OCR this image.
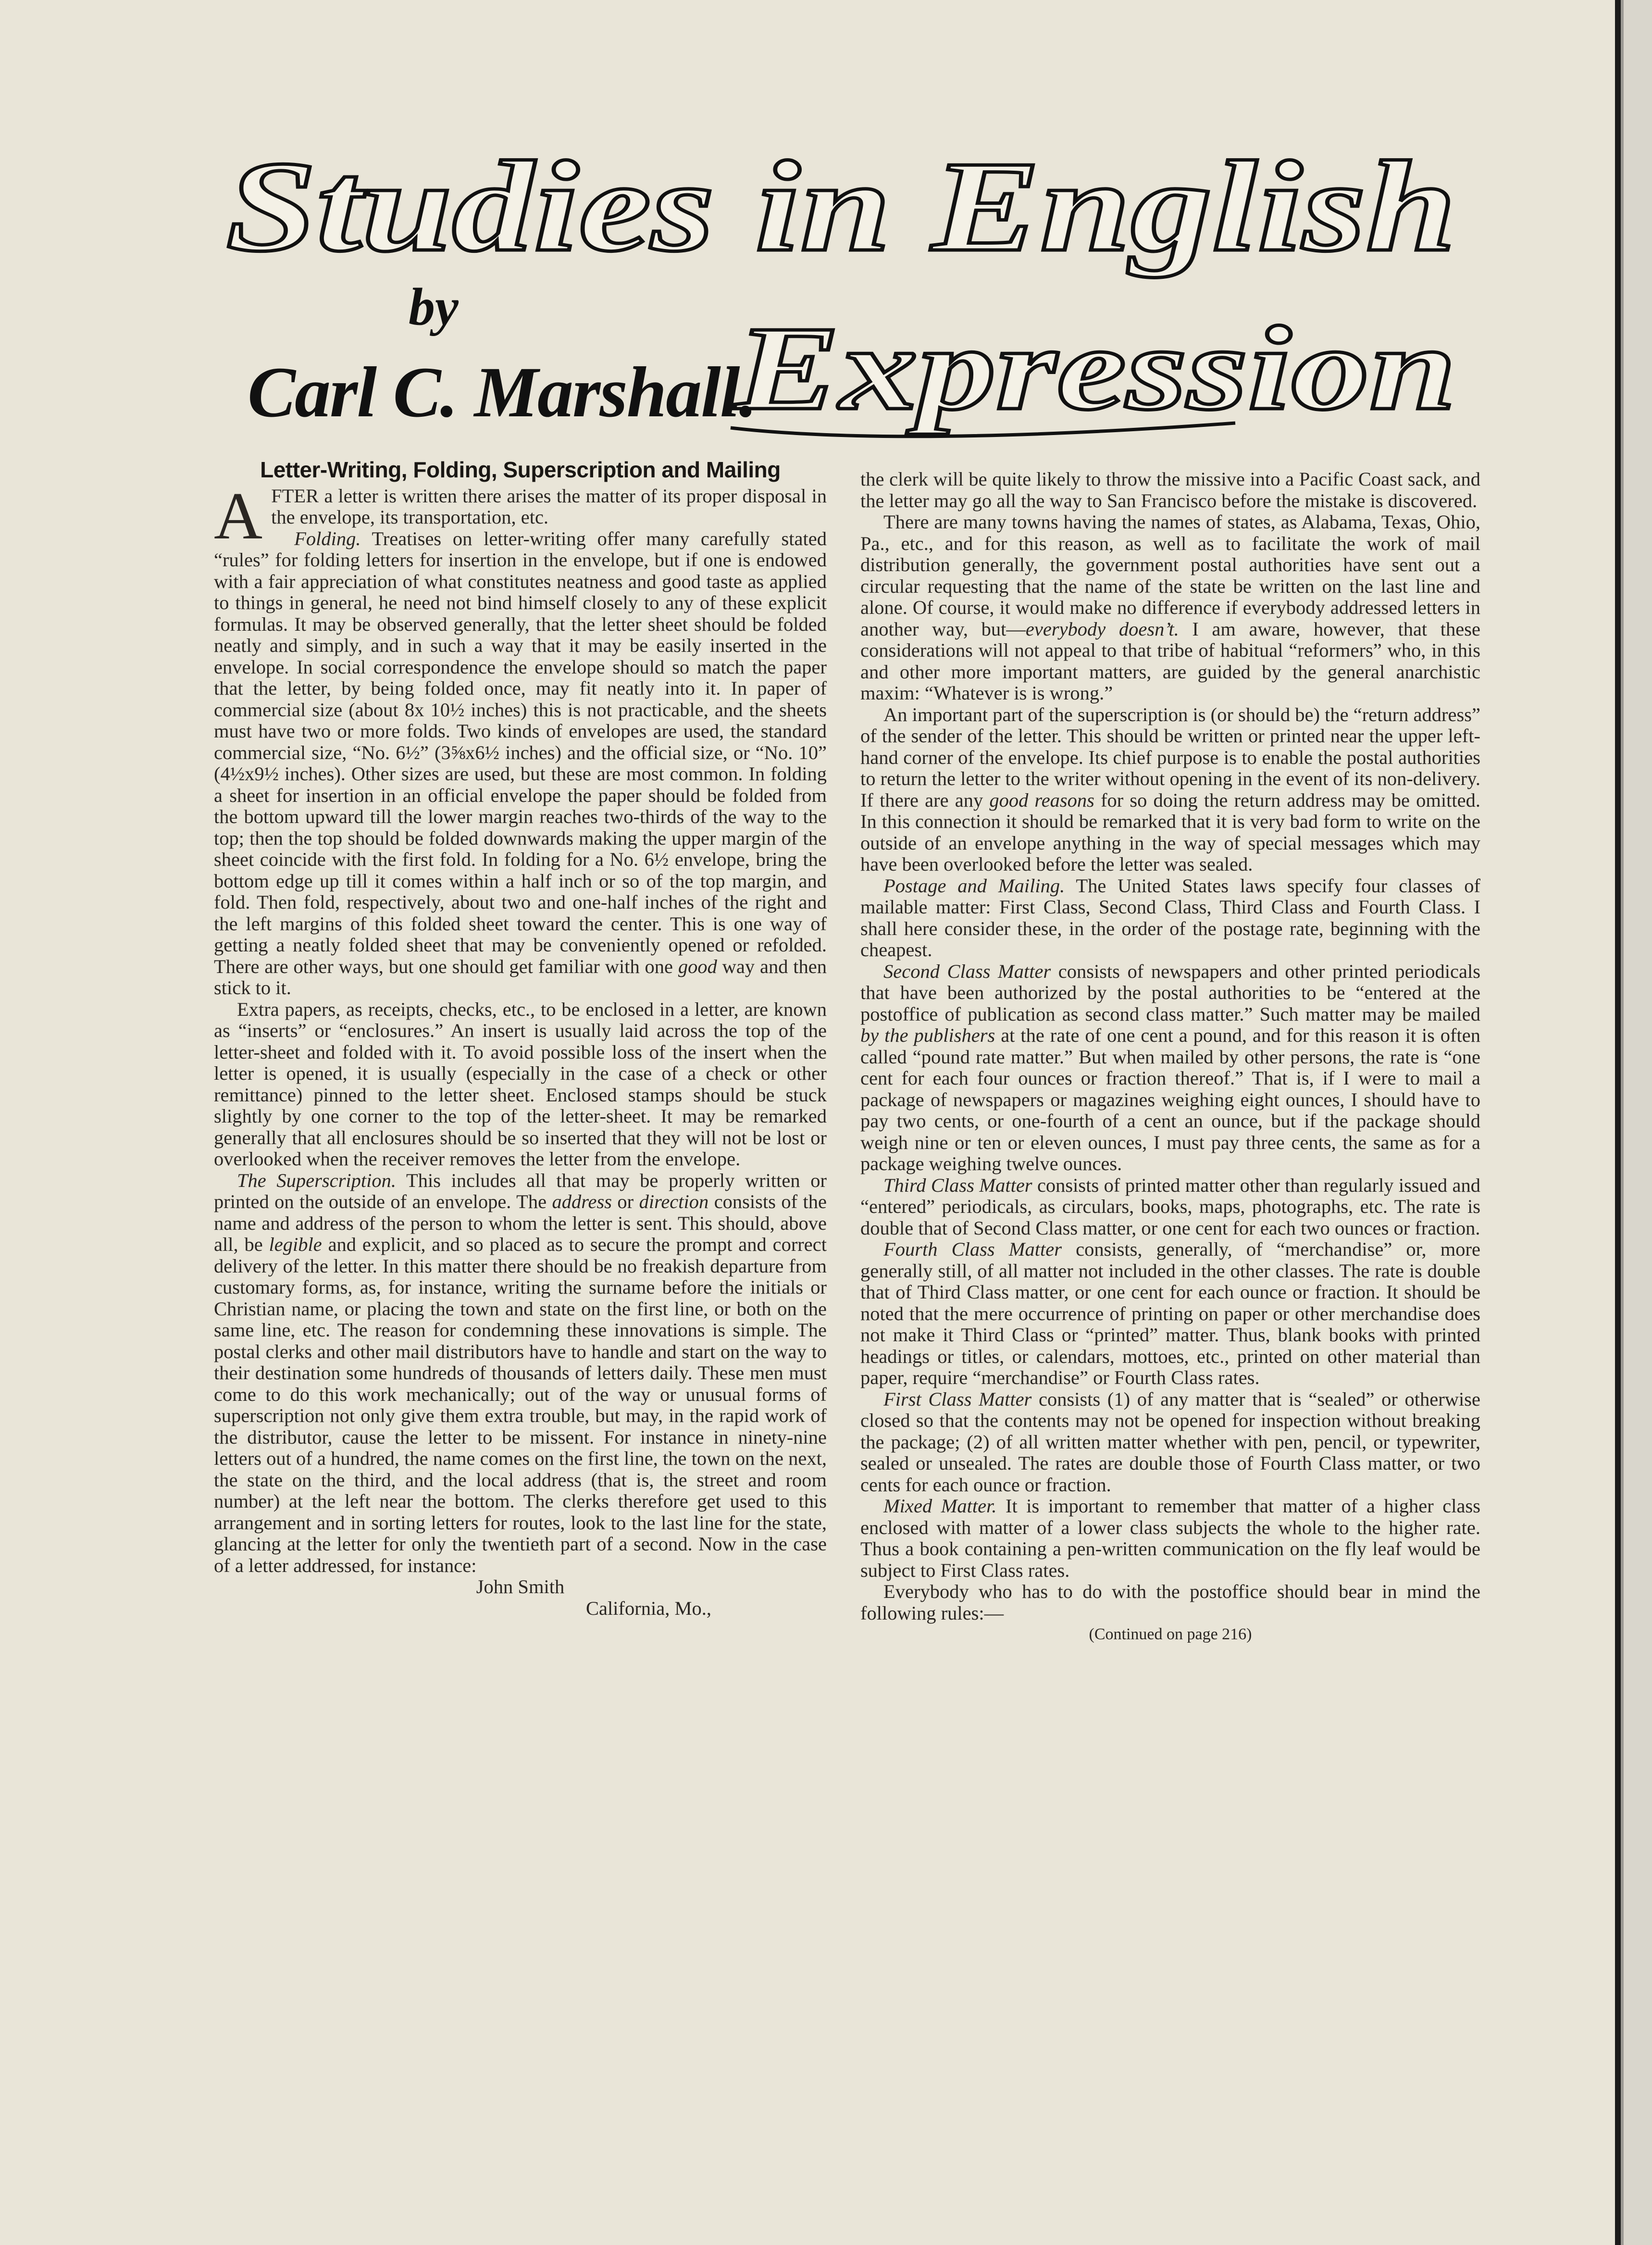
Studies in English
Expression
by
Carl C. Marshall.
Letter-Writing, Folding, Superscription and Mailing

AFTER a letter is written there arises the matter of its proper disposal in the envelope, its transportation, etc.

Folding. Treatises on letter-writing offer many carefully stated “rules” for folding letters for insertion in the envelope, but if one is endowed with a fair appreciation of what constitutes neatness and good taste as applied to things in general, he need not bind himself closely to any of these explicit formulas. It may be observed generally, that the letter sheet should be folded neatly and simply, and in such a way that it may be easily inserted in the envelope. In social correspondence the envelope should so match the paper that the letter, by being folded once, may fit neatly into it. In paper of commercial size (about 8x 10½ inches) this is not practicable, and the sheets must have two or more folds. Two kinds of envelopes are used, the standard commercial size, “No. 6½” (3⅝x6½ inches) and the official size, or “No. 10” (4½x9½ inches). Other sizes are used, but these are most common. In folding a sheet for insertion in an official envelope the paper should be folded from the bottom upward till the lower margin reaches two-thirds of the way to the top; then the top should be folded downwards making the upper margin of the sheet coincide with the first fold. In folding for a No. 6½ envelope, bring the bottom edge up till it comes within a half inch or so of the top margin, and fold. Then fold, respectively, about two and one-half inches of the right and the left margins of this folded sheet toward the center. This is one way of getting a neatly folded sheet that may be conveniently opened or refolded. There are other ways, but one should get familiar with one good way and then stick to it.

Extra papers, as receipts, checks, etc., to be enclosed in a letter, are known as “inserts” or “enclosures.” An insert is usually laid across the top of the letter-sheet and folded with it. To avoid possible loss of the insert when the letter is opened, it is usually (especially in the case of a check or other remittance) pinned to the letter sheet. Enclosed stamps should be stuck slightly by one corner to the top of the letter-sheet. It may be remarked generally that all enclosures should be so inserted that they will not be lost or overlooked when the receiver removes the letter from the envelope.

The Superscription. This includes all that may be properly written or printed on the outside of an envelope. The address or direction consists of the name and address of the person to whom the letter is sent. This should, above all, be legible and explicit, and so placed as to secure the prompt and correct delivery of the letter. In this matter there should be no freakish departure from customary forms, as, for instance, writing the surname before the initials or Christian name, or placing the town and state on the first line, or both on the same line, etc. The reason for condemning these innovations is simple. The postal clerks and other mail distributors have to handle and start on the way to their destination some hundreds of thousands of letters daily. These men must come to do this work mechanically; out of the way or unusual forms of superscription not only give them extra trouble, but may, in the rapid work of the distributor, cause the letter to be missent. For instance in ninety-nine letters out of a hundred, the name comes on the first line, the town on the next, the state on the third, and the local address (that is, the street and room number) at the left near the bottom. The clerks therefore get used to this arrangement and in sorting letters for routes, look to the last line for the state, glancing at the letter for only the twentieth part of a second. Now in the case of a letter addressed, for instance:

John Smith

California, Mo.,

the clerk will be quite likely to throw the missive into a Pacific Coast sack, and the letter may go all the way to San Francisco before the mistake is discovered.

There are many towns having the names of states, as Alabama, Texas, Ohio, Pa., etc., and for this reason, as well as to facilitate the work of mail distribution generally, the government postal authorities have sent out a circular requesting that the name of the state be written on the last line and alone. Of course, it would make no difference if everybody addressed letters in another way, but—everybody doesn’t. I am aware, however, that these considerations will not appeal to that tribe of habitual “reformers” who, in this and other more important matters, are guided by the general anarchistic maxim: “Whatever is is wrong.”

An important part of the superscription is (or should be) the “return address” of the sender of the letter. This should be written or printed near the upper left-hand corner of the envelope. Its chief purpose is to enable the postal authorities to return the letter to the writer without opening in the event of its non-delivery. If there are any good reasons for so doing the return address may be omitted. In this connection it should be remarked that it is very bad form to write on the outside of an envelope anything in the way of special messages which may have been overlooked before the letter was sealed.

Postage and Mailing. The United States laws specify four classes of mailable matter: First Class, Second Class, Third Class and Fourth Class. I shall here consider these, in the order of the postage rate, beginning with the cheapest.

Second Class Matter consists of newspapers and other printed periodicals that have been authorized by the postal authorities to be “entered at the postoffice of publication as second class matter.” Such matter may be mailed by the publishers at the rate of one cent a pound, and for this reason it is often called “pound rate matter.” But when mailed by other persons, the rate is “one cent for each four ounces or fraction thereof.” That is, if I were to mail a package of newspapers or magazines weighing eight ounces, I should have to pay two cents, or one-fourth of a cent an ounce, but if the package should weigh nine or ten or eleven ounces, I must pay three cents, the same as for a package weighing twelve ounces.

Third Class Matter consists of printed matter other than regularly issued and “entered” periodicals, as circulars, books, maps, photographs, etc. The rate is double that of Second Class matter, or one cent for each two ounces or fraction.

Fourth Class Matter consists, generally, of “merchandise” or, more generally still, of all matter not included in the other classes. The rate is double that of Third Class matter, or one cent for each ounce or fraction. It should be noted that the mere occurrence of printing on paper or other merchandise does not make it Third Class or “printed” matter. Thus, blank books with printed headings or titles, or calendars, mottoes, etc., printed on other material than paper, require “merchandise” or Fourth Class rates.

First Class Matter consists (1) of any matter that is “sealed” or otherwise closed so that the contents may not be opened for inspection without breaking the package; (2) of all written matter whether with pen, pencil, or typewriter, sealed or unsealed. The rates are double those of Fourth Class matter, or two cents for each ounce or fraction.

Mixed Matter. It is important to remember that matter of a higher class enclosed with matter of a lower class subjects the whole to the higher rate. Thus a book containing a pen-written communication on the fly leaf would be subject to First Class rates.

Everybody who has to do with the postoffice should bear in mind the following rules:—

(Continued on page 216)
